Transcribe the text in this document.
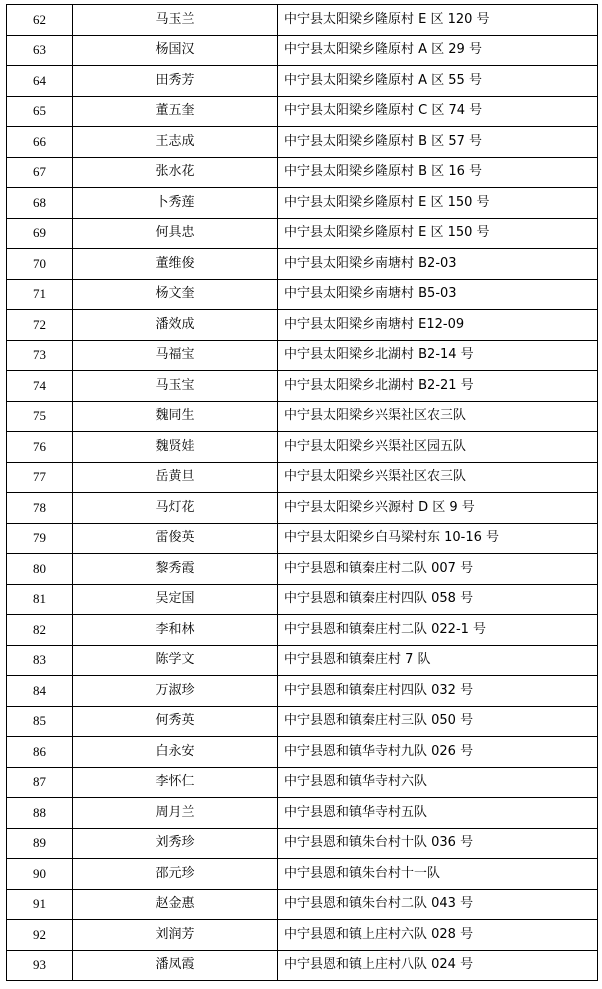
62	马玉兰	中宁县太阳梁乡隆原村 E 区 120 号
63	杨国汉	中宁县太阳梁乡隆原村 A 区 29 号
64	田秀芳	中宁县太阳梁乡隆原村 A 区 55 号
65	董五奎	中宁县太阳梁乡隆原村 C 区 74 号
66	王志成	中宁县太阳梁乡隆原村 B 区 57 号
67	张水花	中宁县太阳梁乡隆原村 B 区 16 号
68	卜秀莲	中宁县太阳梁乡隆原村 E 区 150 号
69	何具忠	中宁县太阳梁乡隆原村 E 区 150 号
70	董维俊	中宁县太阳梁乡南塘村 B2-03
71	杨文奎	中宁县太阳梁乡南塘村 B5-03
72	潘效成	中宁县太阳梁乡南塘村 E12-09
73	马福宝	中宁县太阳梁乡北湖村 B2-14 号
74	马玉宝	中宁县太阳梁乡北湖村 B2-21 号
75	魏同生	中宁县太阳梁乡兴渠社区农三队
76	魏贤娃	中宁县太阳梁乡兴渠社区园五队
77	岳黄旦	中宁县太阳梁乡兴渠社区农三队
78	马灯花	中宁县太阳梁乡兴源村 D 区 9 号
79	雷俊英	中宁县太阳梁乡白马梁村东 10-16 号
80	黎秀霞	中宁县恩和镇秦庄村二队 007 号
81	吴定国	中宁县恩和镇秦庄村四队 058 号
82	李和林	中宁县恩和镇秦庄村二队 022-1 号
83	陈学文	中宁县恩和镇秦庄村 7 队
84	万淑珍	中宁县恩和镇秦庄村四队 032 号
85	何秀英	中宁县恩和镇秦庄村三队 050 号
86	白永安	中宁县恩和镇华寺村九队 026 号
87	李怀仁	中宁县恩和镇华寺村六队
88	周月兰	中宁县恩和镇华寺村五队
89	刘秀珍	中宁县恩和镇朱台村十队 036 号
90	邵元珍	中宁县恩和镇朱台村十一队
91	赵金惠	中宁县恩和镇朱台村二队 043 号
92	刘润芳	中宁县恩和镇上庄村六队 028 号
93	潘凤霞	中宁县恩和镇上庄村八队 024 号
